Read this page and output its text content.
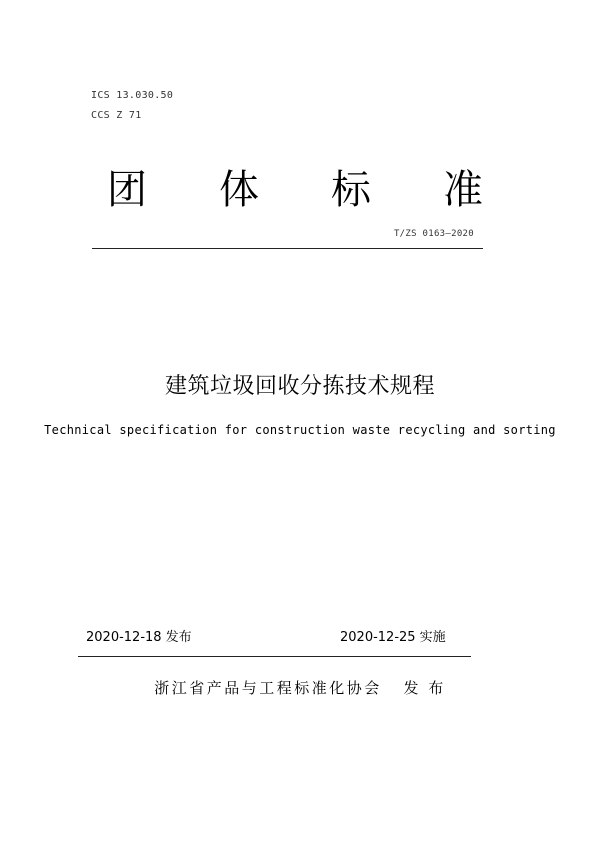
ICS 13.030.50
CCS Z 71
团 体 标 准
T/ZS 0163—2020
建筑垃圾回收分拣技术规程
Technical specification for construction waste recycling and sorting
2020-12-18 发布	2020-12-25 实施
浙江省产品与工程标准化协会   发 布
